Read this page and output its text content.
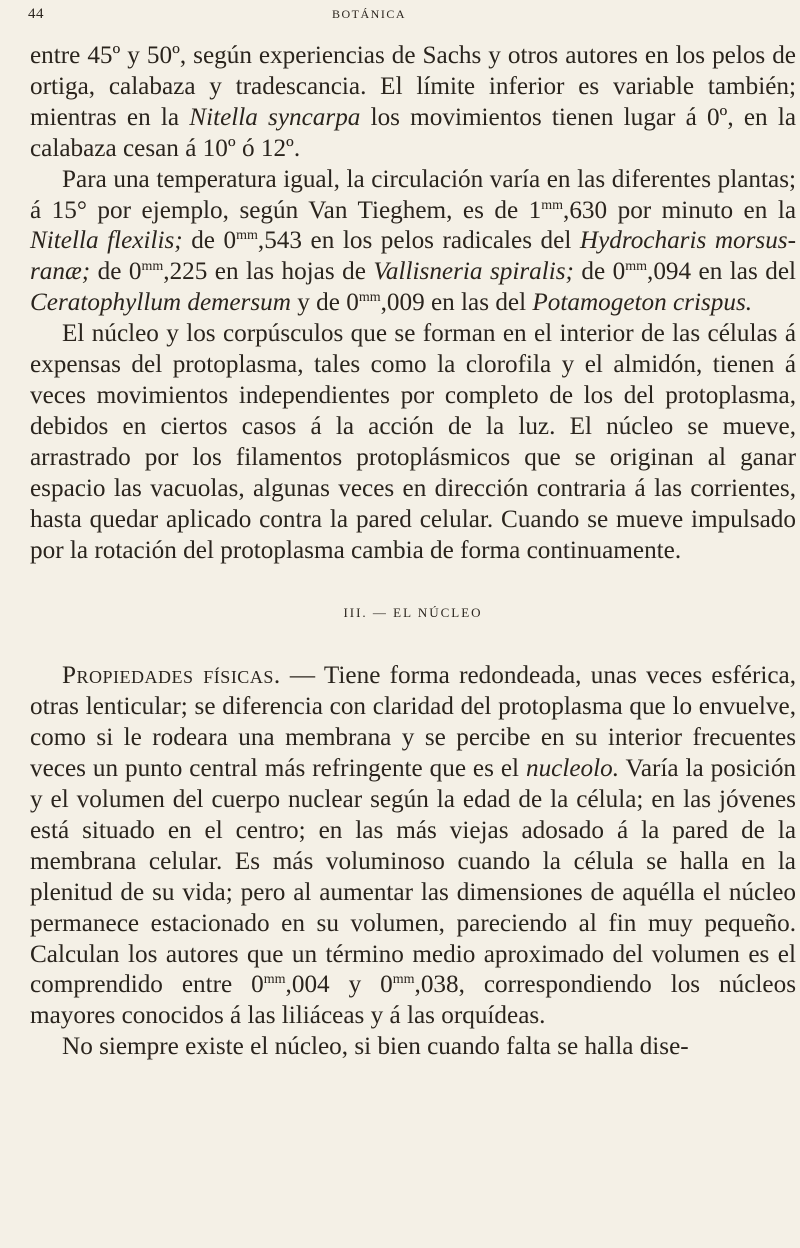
44	BOTÁNICA

entre 45º y 50º, según experiencias de Sachs y otros autores en los pelos de ortiga, calabaza y tradescancia. El límite inferior es variable también; mientras en la Nitella syncarpa los movimientos tienen lugar á 0º, en la calabaza cesan á 10º ó 12º.

Para una temperatura igual, la circulación varía en las diferentes plantas; á 15° por ejemplo, según Van Tieghem, es de $1^{mm},630$ por minuto en la Nitella flexilis; de $0^{mm},543$ en los pelos radicales del Hydrocharis morsus-ranæ; de $0^{mm},225$ en las hojas de Vallisneria spiralis; de $0^{mm},094$ en las del Ceratophyllum demersum y de $0^{mm},009$ en las del Potamogeton crispus.

El núcleo y los corpúsculos que se forman en el interior de las células á expensas del protoplasma, tales como la clorofila y el almidón, tienen á veces movimientos independientes por completo de los del protoplasma, debidos en ciertos casos á la acción de la luz. El núcleo se mueve, arrastrado por los filamentos protoplásmicos que se originan al ganar espacio las vacuolas, algunas veces en dirección contraria á las corrientes, hasta quedar aplicado contra la pared celular. Cuando se mueve impulsado por la rotación del protoplasma cambia de forma continuamente.

III. — EL NÚCLEO

Propiedades físicas. — Tiene forma redondeada, unas veces esférica, otras lenticular; se diferencia con claridad del protoplasma que lo envuelve, como si le rodeara una membrana y se percibe en su interior frecuentes veces un punto central más refringente que es el nucleolo. Varía la posición y el volumen del cuerpo nuclear según la edad de la célula; en las jóvenes está situado en el centro; en las más viejas adosado á la pared de la membrana celular. Es más voluminoso cuando la célula se halla en la plenitud de su vida; pero al aumentar las dimensiones de aquélla el núcleo permanece estacionado en su volumen, pareciendo al fin muy pequeño. Calculan los autores que un término medio aproximado del volumen es el comprendido entre $0^{mm},004$ y $0^{mm},038$, correspondiendo los núcleos mayores conocidos á las liliáceas y á las orquídeas.

No siempre existe el núcleo, si bien cuando falta se halla dise-
